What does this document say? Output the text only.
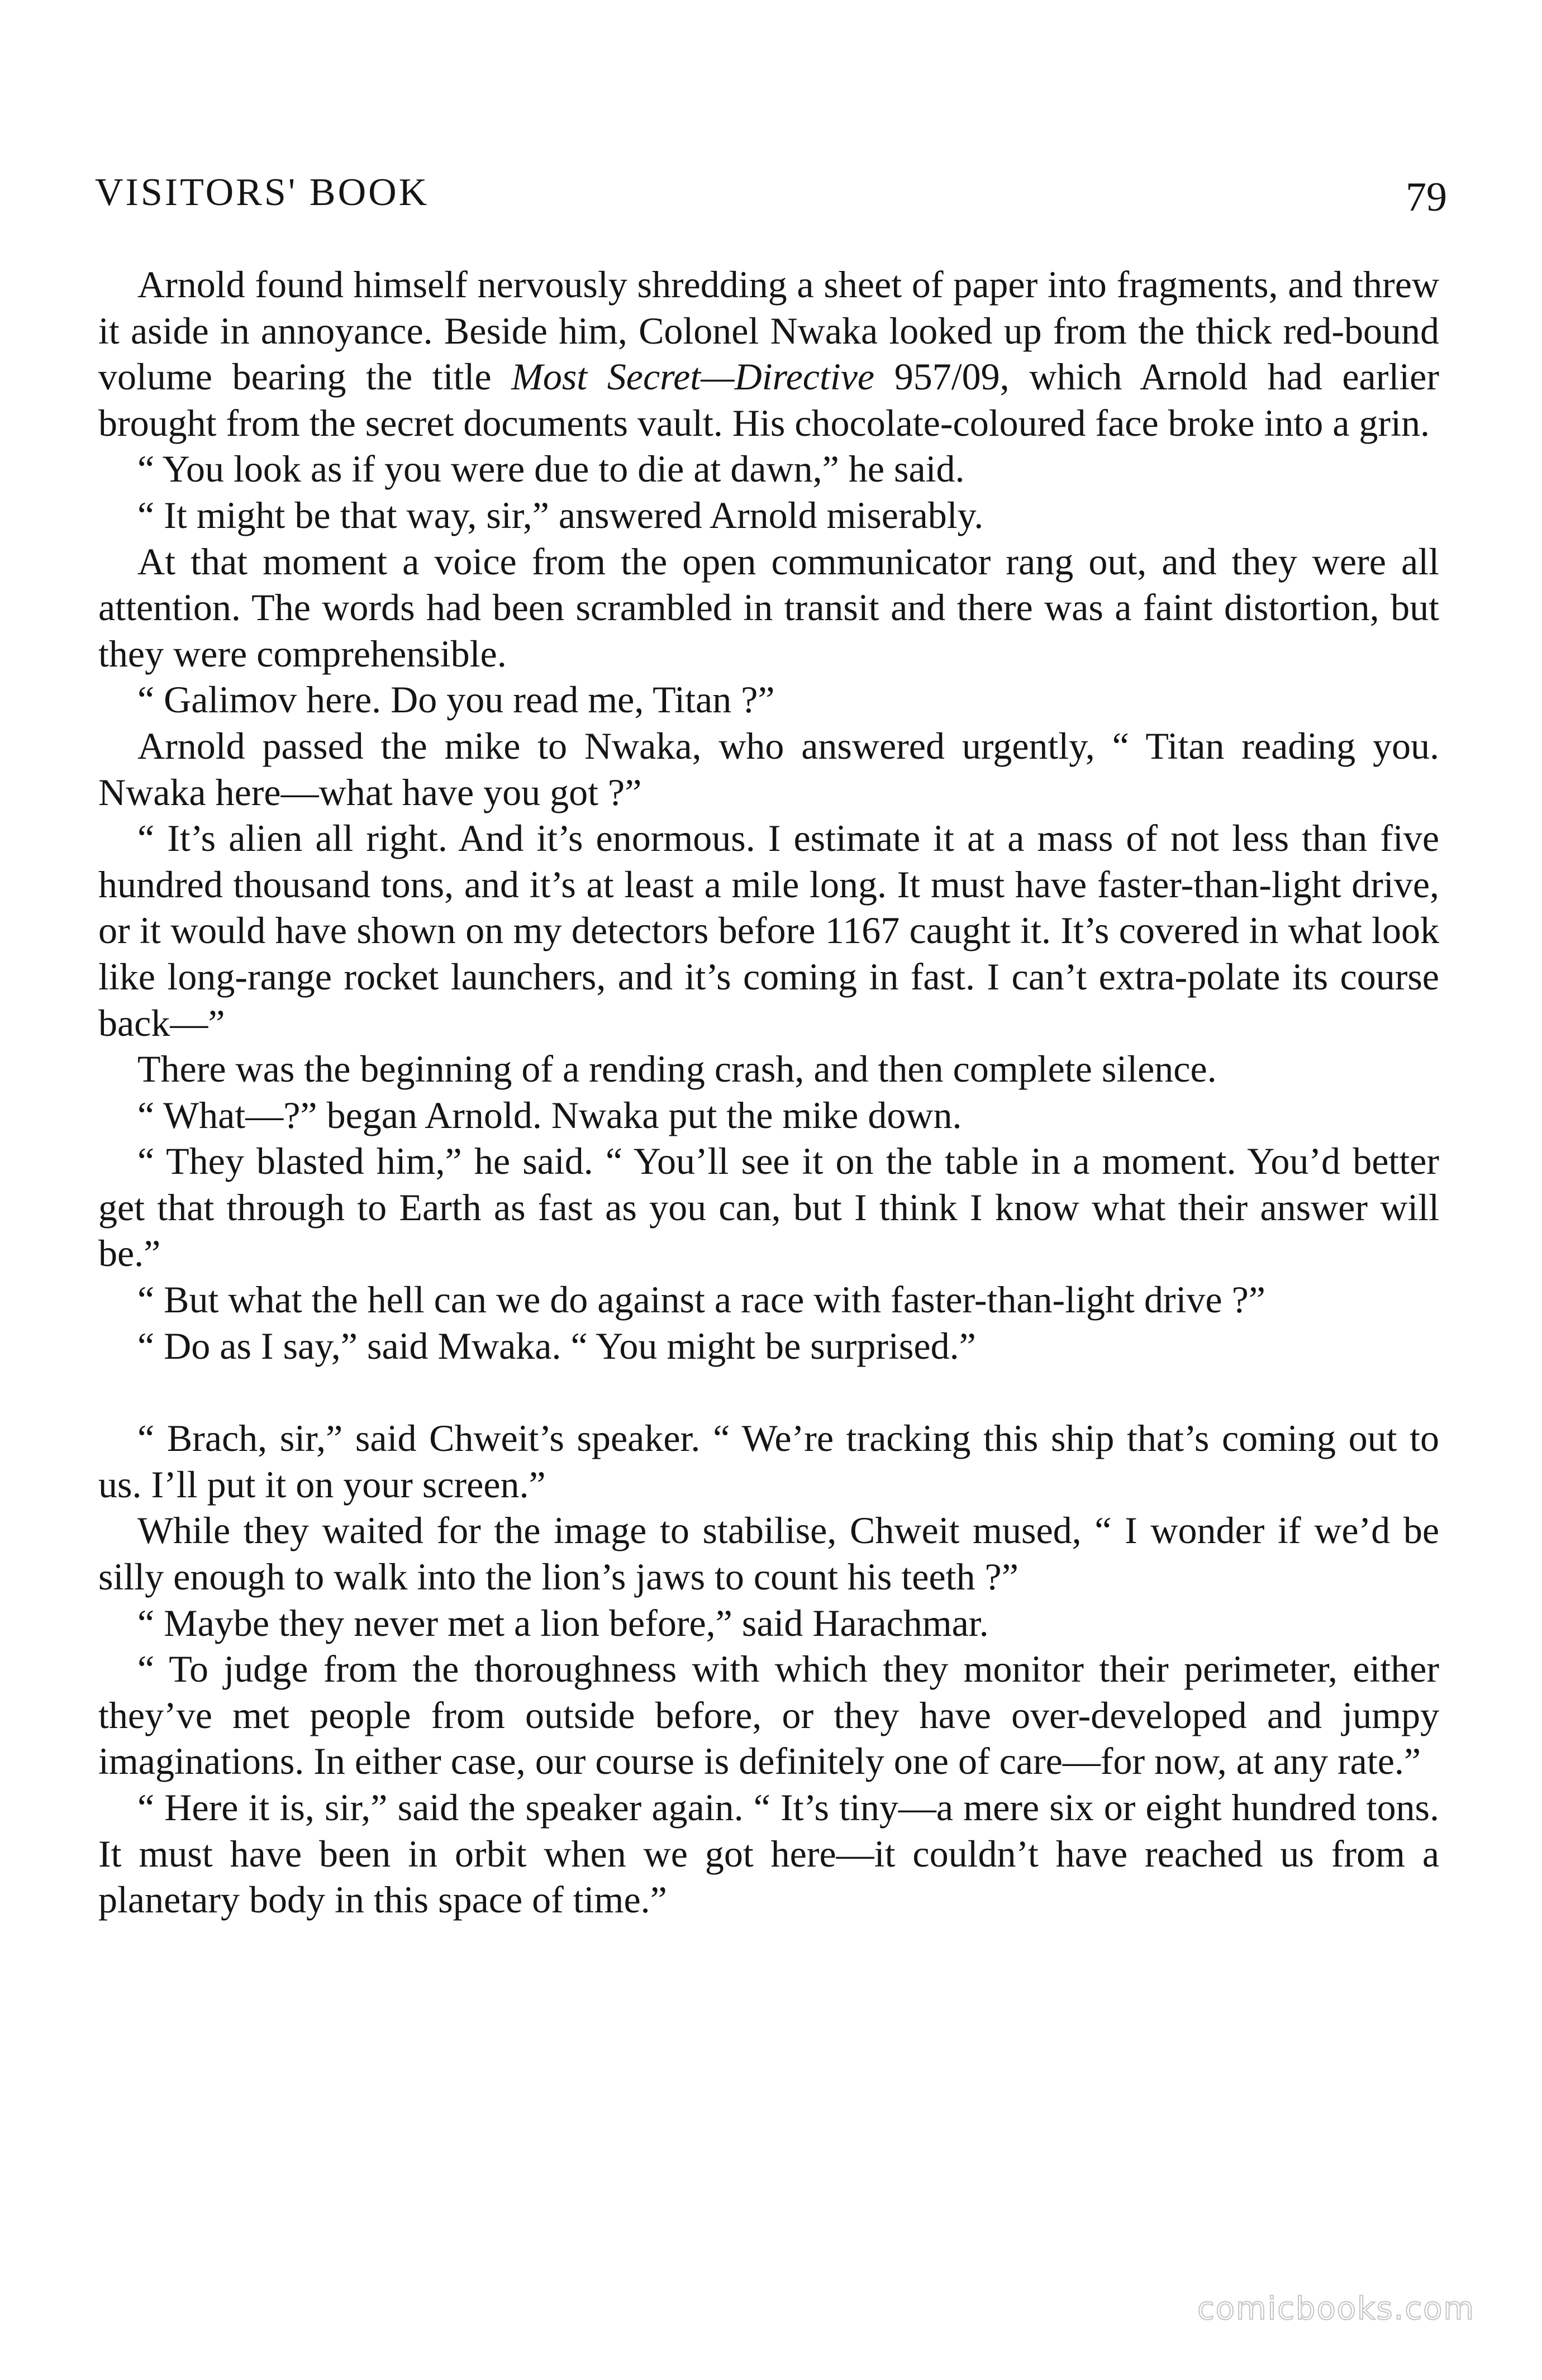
VISITORS' BOOK	79

Arnold found himself nervously shredding a sheet of paper into fragments, and threw it aside in annoyance. Beside him, Colonel Nwaka looked up from the thick red-bound volume bearing the title Most Secret—Directive 957/09, which Arnold had earlier brought from the secret documents vault. His chocolate-coloured face broke into a grin.

“ You look as if you were due to die at dawn,” he said.

“ It might be that way, sir,” answered Arnold miserably.

At that moment a voice from the open communicator rang out, and they were all attention. The words had been scrambled in transit and there was a faint distortion, but they were comprehensible.

“ Galimov here. Do you read me, Titan ?”

Arnold passed the mike to Nwaka, who answered urgently, “ Titan reading you. Nwaka here—what have you got ?”

“ It’s alien all right. And it’s enormous. I estimate it at a mass of not less than five hundred thousand tons, and it’s at least a mile long. It must have faster-than-light drive, or it would have shown on my detectors before 1167 caught it. It’s covered in what look like long-range rocket launchers, and it’s coming in fast. I can’t extra-polate its course back—”

There was the beginning of a rending crash, and then complete silence.

“ What—?” began Arnold. Nwaka put the mike down.

“ They blasted him,” he said. “ You’ll see it on the table in a moment. You’d better get that through to Earth as fast as you can, but I think I know what their answer will be.”

“ But what the hell can we do against a race with faster-than-light drive ?”

“ Do as I say,” said Mwaka. “ You might be surprised.”

“ Brach, sir,” said Chweit’s speaker. “ We’re tracking this ship that’s coming out to us. I’ll put it on your screen.”

While they waited for the image to stabilise, Chweit mused, “ I wonder if we’d be silly enough to walk into the lion’s jaws to count his teeth ?”

“ Maybe they never met a lion before,” said Harachmar.

“ To judge from the thoroughness with which they monitor their perimeter, either they’ve met people from outside before, or they have over-developed and jumpy imaginations. In either case, our course is definitely one of care—for now, at any rate.”

“ Here it is, sir,” said the speaker again. “ It’s tiny—a mere six or eight hundred tons. It must have been in orbit when we got here—it couldn’t have reached us from a planetary body in this space of time.”

comicbooks.com
